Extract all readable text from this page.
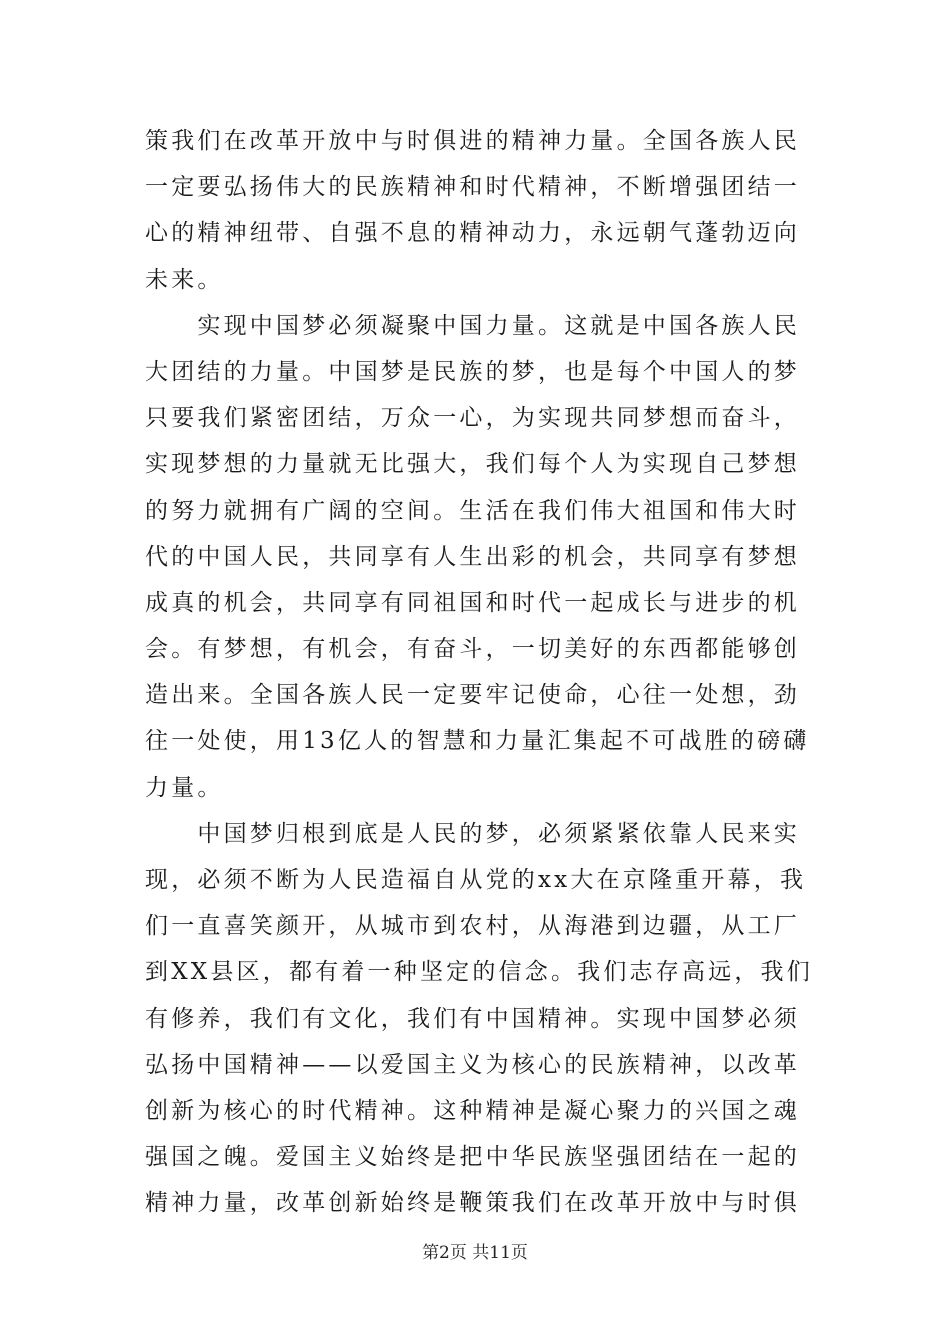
策我们在改革开放中与时俱进的精神力量。全国各族人民
一定要弘扬伟大的民族精神和时代精神，不断增强团结一
心的精神纽带、自强不息的精神动力，永远朝气蓬勃迈向
未来。
　　实现中国梦必须凝聚中国力量。这就是中国各族人民
大团结的力量。中国梦是民族的梦，也是每个中国人的梦
只要我们紧密团结，万众一心，为实现共同梦想而奋斗，
实现梦想的力量就无比强大，我们每个人为实现自己梦想
的努力就拥有广阔的空间。生活在我们伟大祖国和伟大时
代的中国人民，共同享有人生出彩的机会，共同享有梦想
成真的机会，共同享有同祖国和时代一起成长与进步的机
会。有梦想，有机会，有奋斗，一切美好的东西都能够创
造出来。全国各族人民一定要牢记使命，心往一处想，劲
往一处使，用13亿人的智慧和力量汇集起不可战胜的磅礴
力量。
　　中国梦归根到底是人民的梦，必须紧紧依靠人民来实
现，必须不断为人民造福自从党的xx大在京隆重开幕，我
们一直喜笑颜开，从城市到农村，从海港到边疆，从工厂
到XX县区，都有着一种坚定的信念。我们志存高远，我们
有修养，我们有文化，我们有中国精神。实现中国梦必须
弘扬中国精神——以爱国主义为核心的民族精神，以改革
创新为核心的时代精神。这种精神是凝心聚力的兴国之魂
强国之魄。爱国主义始终是把中华民族坚强团结在一起的
精神力量，改革创新始终是鞭策我们在改革开放中与时俱
第2页 共11页
